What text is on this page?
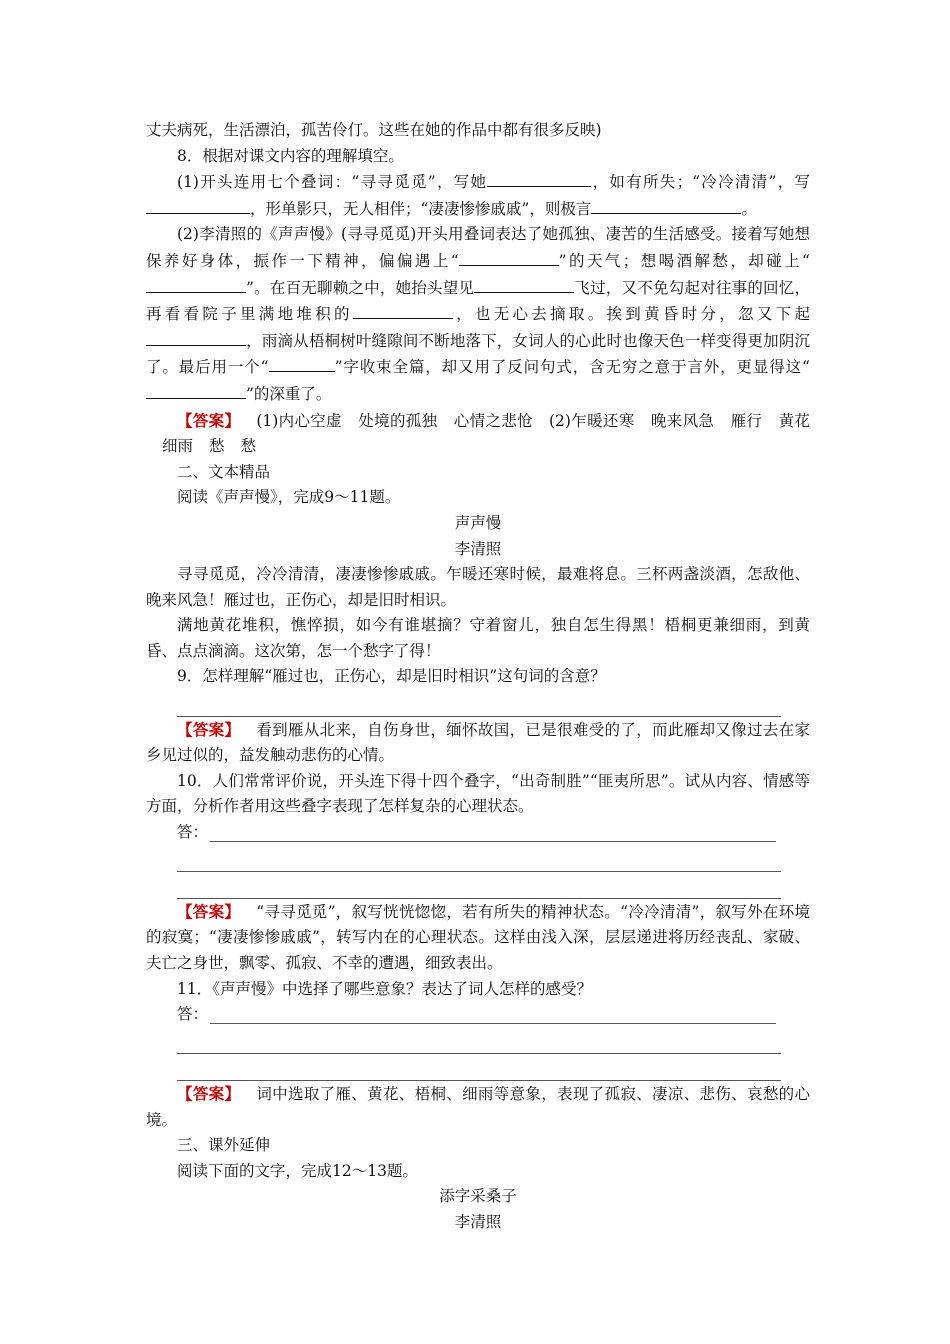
丈夫病死，生活漂泊，孤苦伶仃。这些在她的作品中都有很多反映)

8．根据对课文内容的理解填空。

(1)开头连用七个叠词：“寻寻觅觅”，写她	，如有所失；“冷冷清清”，写，形单影只，无人相伴；“凄凄惨惨戚戚”，则极言	。

(2)李清照的《声声慢》(寻寻觅觅)开头用叠词表达了她孤独、凄苦的生活感受。接着写她想保养好身体，振作一下精神，偏偏遇上“	”的天气；想喝酒解愁，却碰上“”。在百无聊赖之中，她抬头望见	飞过，又不免勾起对往事的回忆，再看看院子里满地堆积的	，也无心去摘取。挨到黄昏时分，忽又下起，雨滴从梧桐树叶缝隙间不断地落下，女词人的心此时也像天色一样变得更加阴沉了。最后用一个“	”字收束全篇，却又用了反问句式，含无穷之意于言外，更显得这“”的深重了。

【答案】 (1)内心空虚 处境的孤独 心情之悲怆 (2)乍暖还寒 晚来风急 雁行 黄花细雨 愁 愁

二、文本精品

阅读《声声慢》，完成9～11题。

声声慢

李清照

寻寻觅觅，冷冷清清，凄凄惨惨戚戚。乍暖还寒时候，最难将息。三杯两盏淡酒，怎敌他、晚来风急！雁过也，正伤心，却是旧时相识。

满地黄花堆积，憔悴损，如今有谁堪摘？守着窗儿，独自怎生得黑！梧桐更兼细雨，到黄昏、点点滴滴。这次第，怎一个愁字了得！

9．怎样理解“雁过也，正伤心，却是旧时相识”这句词的含意？

【答案】 看到雁从北来，自伤身世，缅怀故国，已是很难受的了，而此雁却又像过去在家乡见过似的，益发触动悲伤的心情。

10．人们常常评价说，开头连下得十四个叠字，“出奇制胜”“匪夷所思”。试从内容、情感等方面，分析作者用这些叠字表现了怎样复杂的心理状态。

答：

【答案】 “寻寻觅觅”，叙写恍恍惚惚，若有所失的精神状态。“冷冷清清”，叙写外在环境的寂寞；“凄凄惨惨戚戚”，转写内在的心理状态。这样由浅入深，层层递进将历经丧乱、家破、夫亡之身世，飘零、孤寂、不幸的遭遇，细致表出。

11．《声声慢》中选择了哪些意象？表达了词人怎样的感受？

答：

【答案】 词中选取了雁、黄花、梧桐、细雨等意象，表现了孤寂、凄凉、悲伤、哀愁的心境。

三、课外延伸

阅读下面的文字，完成12～13题。

添字采桑子

李清照
